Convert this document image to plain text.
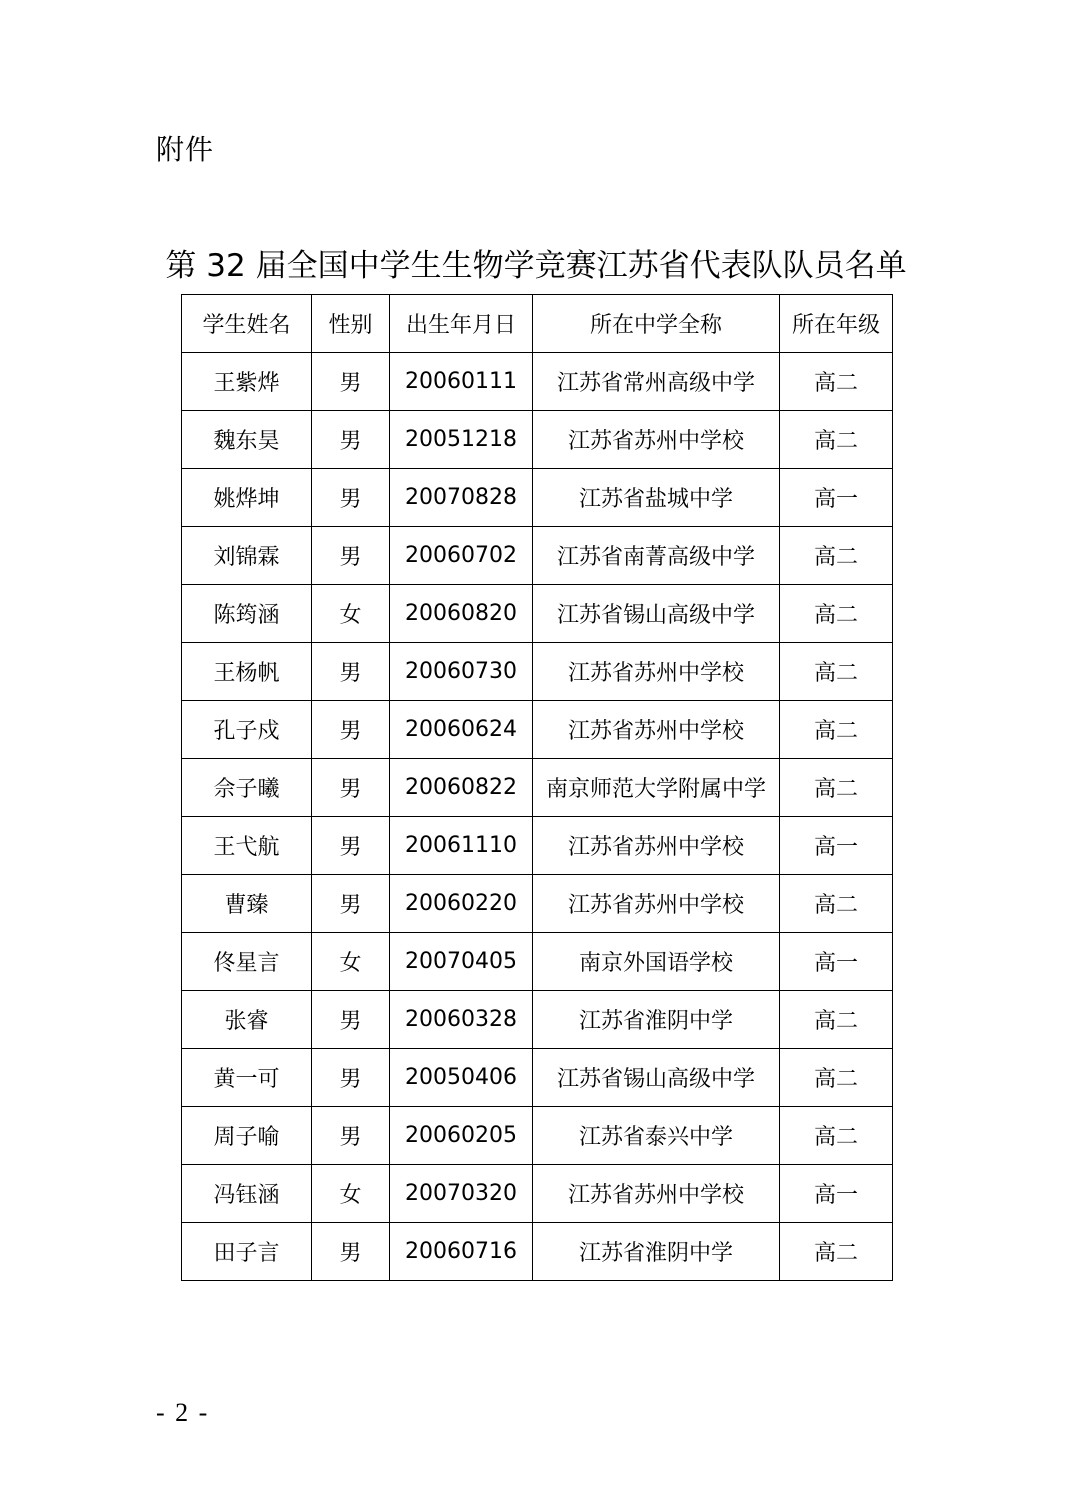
附件
第 32 届全国中学生生物学竞赛江苏省代表队队员名单
学生姓名	性别	出生年月日	所在中学全称	所在年级
王紫烨	男	20060111	江苏省常州高级中学	高二
魏东昊	男	20051218	江苏省苏州中学校	高二
姚烨坤	男	20070828	江苏省盐城中学	高一
刘锦霖	男	20060702	江苏省南菁高级中学	高二
陈筠涵	女	20060820	江苏省锡山高级中学	高二
王杨帆	男	20060730	江苏省苏州中学校	高二
孔子戍	男	20060624	江苏省苏州中学校	高二
佘子曦	男	20060822	南京师范大学附属中学	高二
王弋航	男	20061110	江苏省苏州中学校	高一
曹臻	男	20060220	江苏省苏州中学校	高二
佟星言	女	20070405	南京外国语学校	高一
张睿	男	20060328	江苏省淮阴中学	高二
黄一可	男	20050406	江苏省锡山高级中学	高二
周子喻	男	20060205	江苏省泰兴中学	高二
冯钰涵	女	20070320	江苏省苏州中学校	高一
田子言	男	20060716	江苏省淮阴中学	高二
- 2 -
